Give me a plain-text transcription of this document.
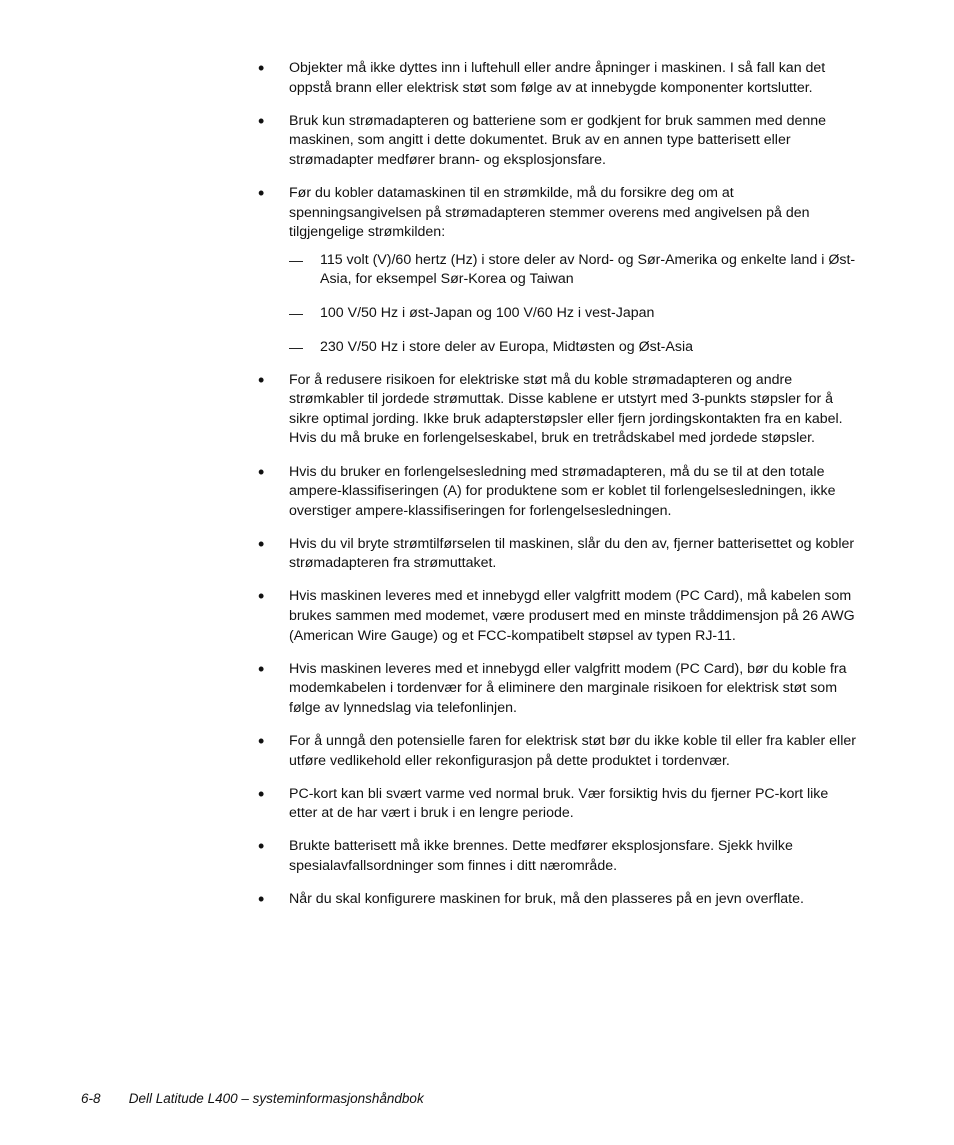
• Objekter må ikke dyttes inn i luftehull eller andre åpninger i maskinen. I så fall kan det oppstå brann eller elektrisk støt som følge av at innebygde komponenter kortslutter.
• Bruk kun strømadapteren og batteriene som er godkjent for bruk sammen med denne maskinen, som angitt i dette dokumentet. Bruk av en annen type batterisett eller strømadapter medfører brann- og eksplosjonsfare.
• Før du kobler datamaskinen til en strømkilde, må du forsikre deg om at spenningsangivelsen på strømadapteren stemmer overens med angivelsen på den tilgjengelige strømkilden:
— 115 volt (V)/60 hertz (Hz) i store deler av Nord- og Sør-Amerika og enkelte land i Øst-Asia, for eksempel Sør-Korea og Taiwan
— 100 V/50 Hz i øst-Japan og 100 V/60 Hz i vest-Japan
— 230 V/50 Hz i store deler av Europa, Midtøsten og Øst-Asia
• For å redusere risikoen for elektriske støt må du koble strømadapteren og andre strømkabler til jordede strømuttak. Disse kablene er utstyrt med 3-punkts støpsler for å sikre optimal jording. Ikke bruk adapterstøpsler eller fjern jordingskontakten fra en kabel. Hvis du må bruke en forlengelseskabel, bruk en tretrådskabel med jordede støpsler.
• Hvis du bruker en forlengelsesledning med strømadapteren, må du se til at den totale ampere-klassifiseringen (A) for produktene som er koblet til forlengelsesledningen, ikke overstiger ampere-klassifiseringen for forlengelsesledningen.
• Hvis du vil bryte strømtilførselen til maskinen, slår du den av, fjerner batterisettet og kobler strømadapteren fra strømuttaket.
• Hvis maskinen leveres med et innebygd eller valgfritt modem (PC Card), må kabelen som brukes sammen med modemet, være produsert med en minste tråddimensjon på 26 AWG (American Wire Gauge) og et FCC-kompatibelt støpsel av typen RJ-11.
• Hvis maskinen leveres med et innebygd eller valgfritt modem (PC Card), bør du koble fra modemkabelen i tordenvær for å eliminere den marginale risikoen for elektrisk støt som følge av lynnedslag via telefonlinjen.
• For å unngå den potensielle faren for elektrisk støt bør du ikke koble til eller fra kabler eller utføre vedlikehold eller rekonfigurasjon på dette produktet i tordenvær.
• PC-kort kan bli svært varme ved normal bruk. Vær forsiktig hvis du fjerner PC-kort like etter at de har vært i bruk i en lengre periode.
• Brukte batterisett må ikke brennes. Dette medfører eksplosjonsfare. Sjekk hvilke spesialavfallsordninger som finnes i ditt nærområde.
• Når du skal konfigurere maskinen for bruk, må den plasseres på en jevn overflate.
6-8 Dell Latitude L400 – systeminformasjonshåndbok
